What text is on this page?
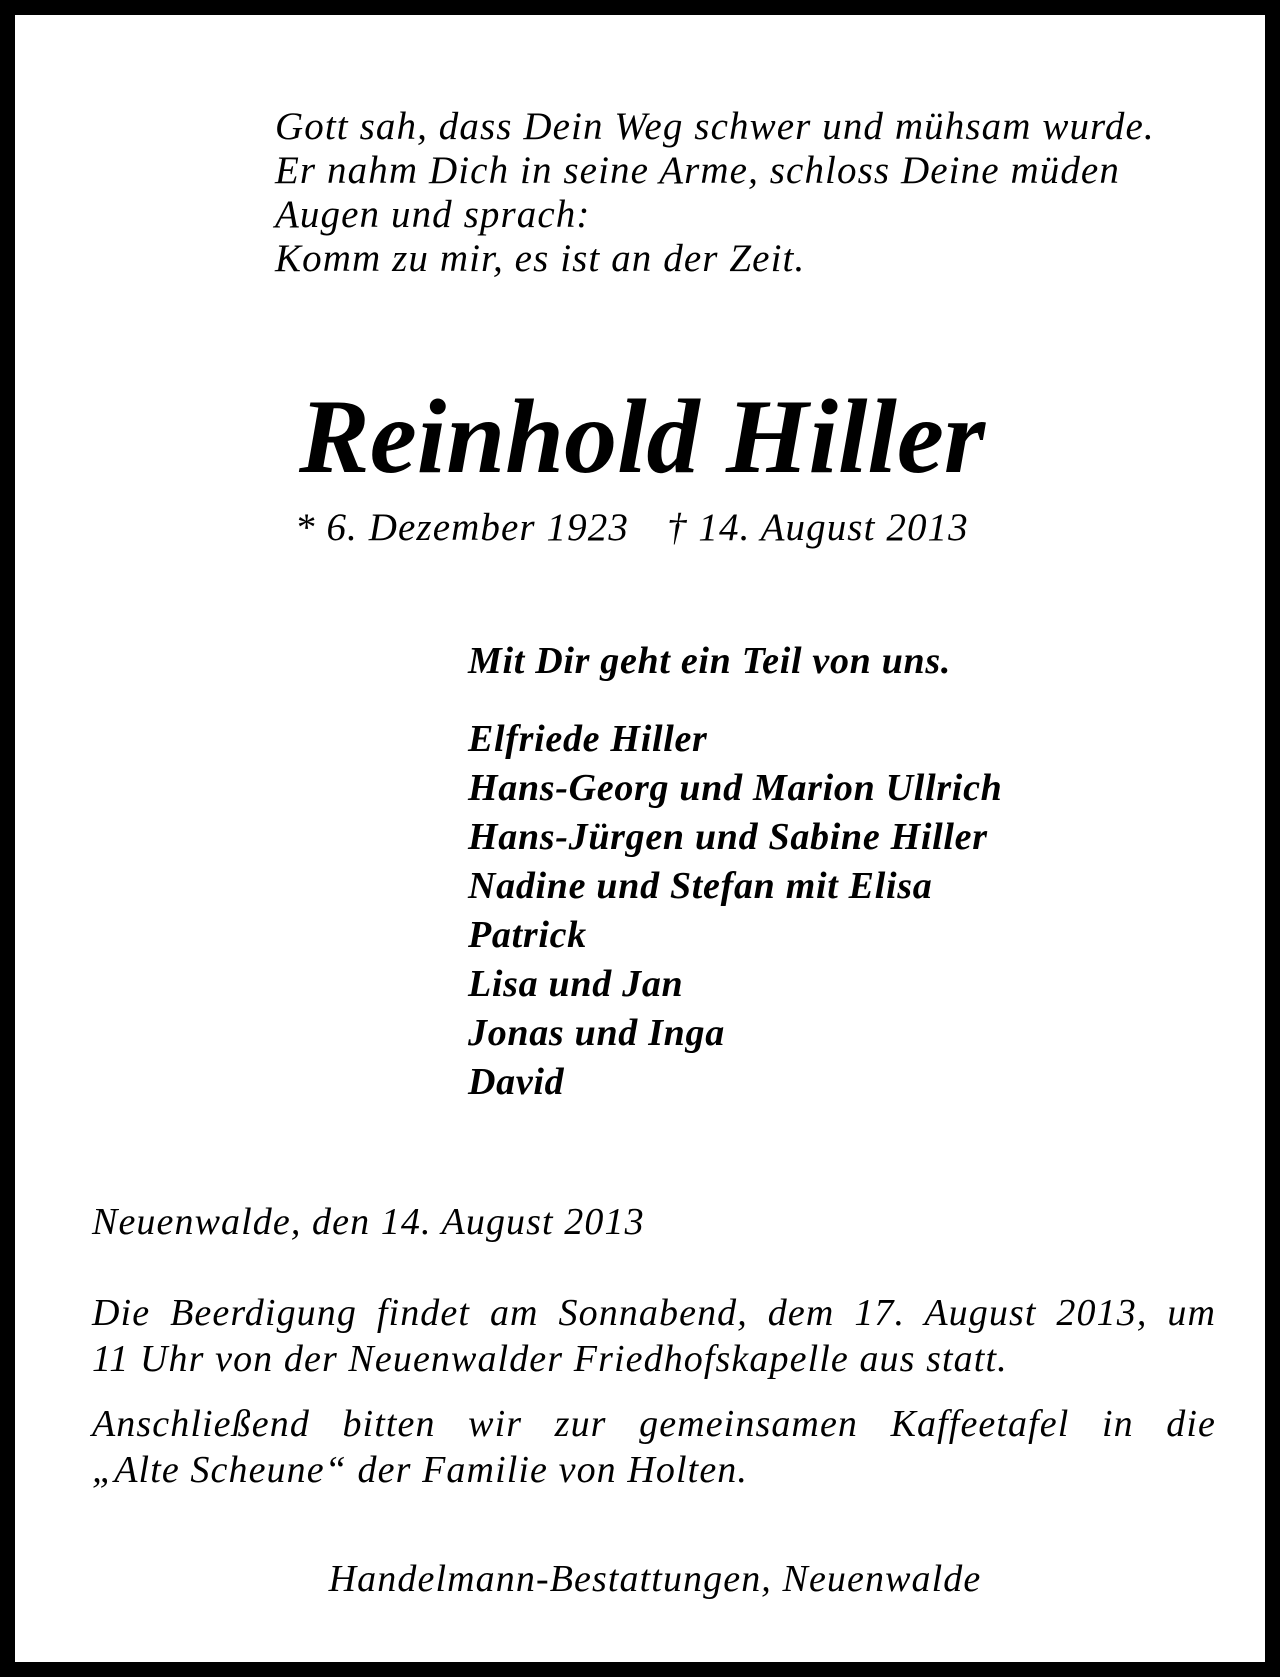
Gott sah, dass Dein Weg schwer und mühsam wurde.
Er nahm Dich in seine Arme, schloss Deine müden
Augen und sprach:
Komm zu mir, es ist an der Zeit.
Reinhold Hiller
* 6. Dezember 1923 † 14. August 2013
Mit Dir geht ein Teil von uns.
Elfriede Hiller
Hans-Georg und Marion Ullrich
Hans-Jürgen und Sabine Hiller
Nadine und Stefan mit Elisa
Patrick
Lisa und Jan
Jonas und Inga
David
Neuenwalde, den 14. August 2013
Die Beerdigung findet am Sonnabend, dem 17. August 2013, um
11 Uhr von der Neuenwalder Friedhofskapelle aus statt.
Anschließend bitten wir zur gemeinsamen Kaffeetafel in die
„Alte Scheune“ der Familie von Holten.
Handelmann-Bestattungen, Neuenwalde
